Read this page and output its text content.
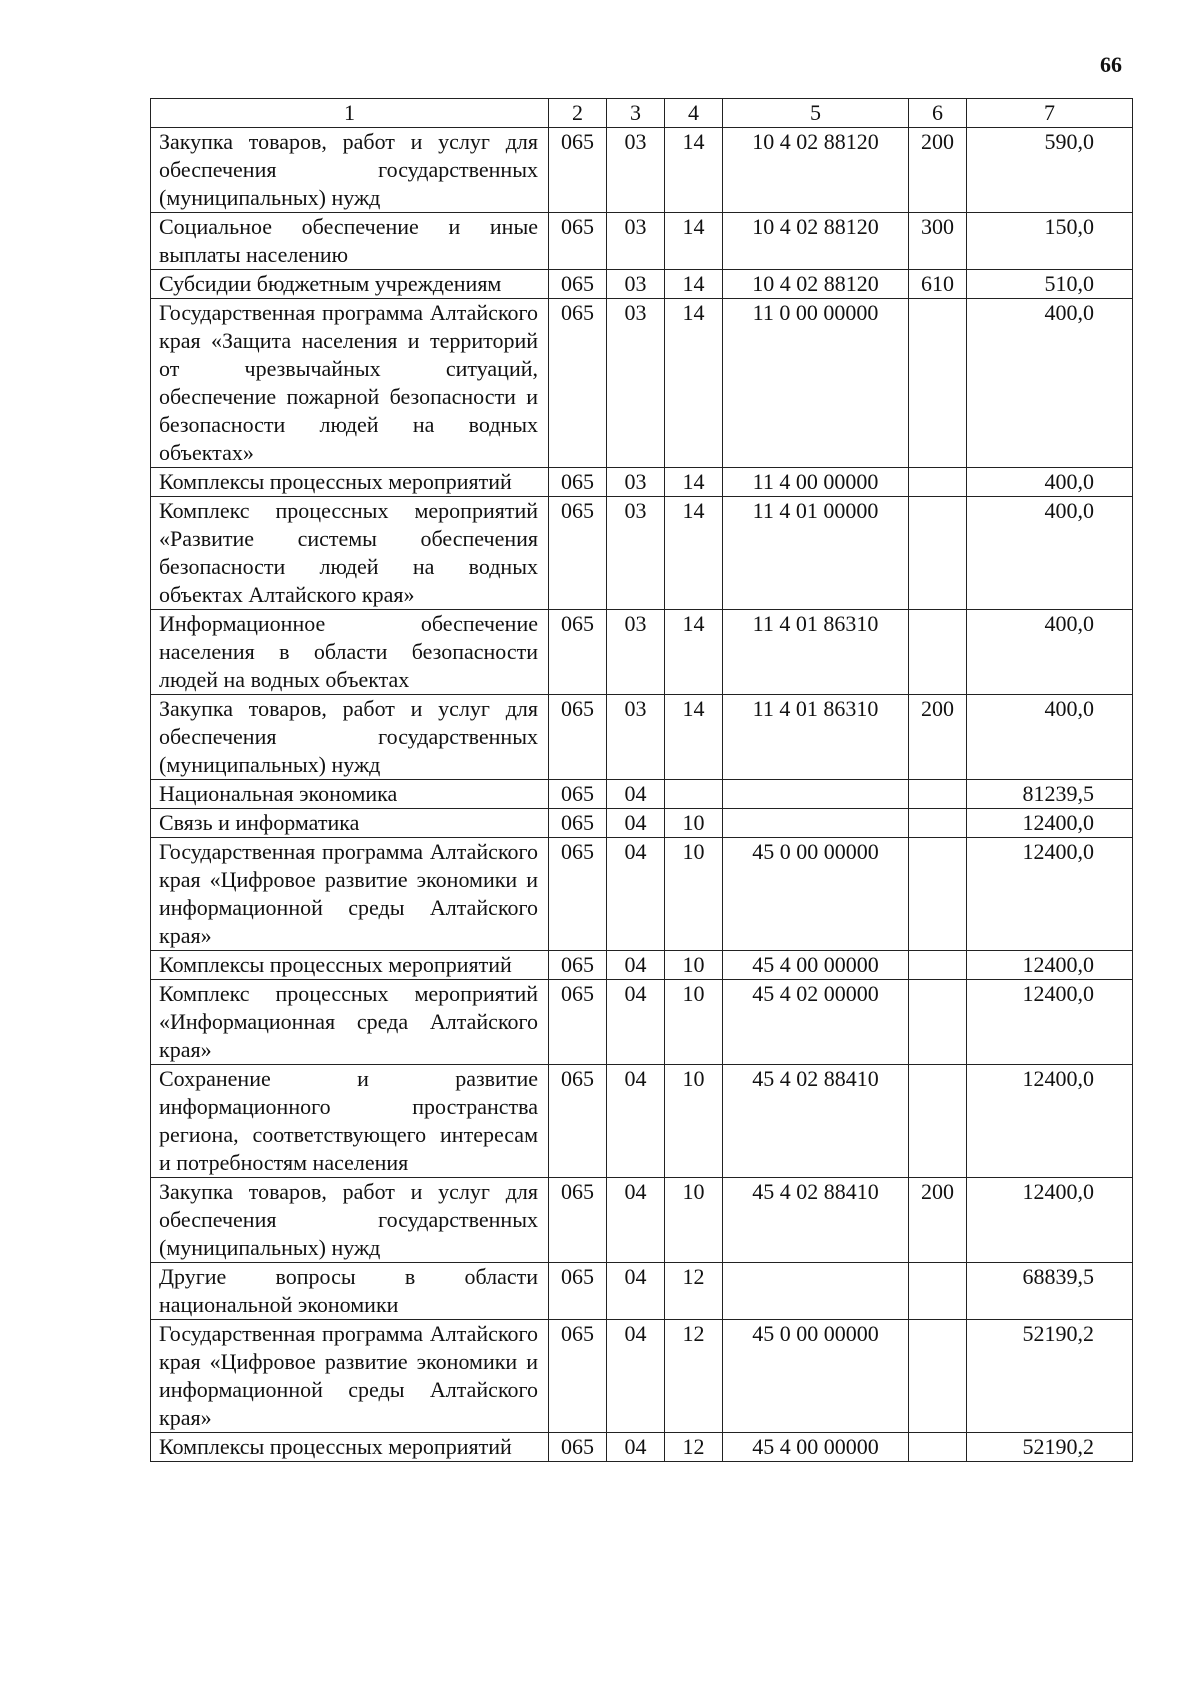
66
1	2	3	4	5	6	7
Закупка товаров, работ и услуг для обеспечения государственных (муниципальных) нужд	065	03	14	10 4 02 88120	200	590,0
Социальное обеспечение и иные выплаты населению	065	03	14	10 4 02 88120	300	150,0
Субсидии бюджетным учреждениям	065	03	14	10 4 02 88120	610	510,0
Государственная программа Алтайского края «Защита населения и территорий от чрезвычайных ситуаций, обеспечение пожарной безопасности и безопасности людей на водных объектах»	065	03	14	11 0 00 00000		400,0
Комплексы процессных мероприятий	065	03	14	11 4 00 00000		400,0
Комплекс процессных мероприятий «Развитие системы обеспечения безопасности людей на водных объектах Алтайского края»	065	03	14	11 4 01 00000		400,0
Информационное обеспечение населения в области безопасности людей на водных объектах	065	03	14	11 4 01 86310		400,0
Закупка товаров, работ и услуг для обеспечения государственных (муниципальных) нужд	065	03	14	11 4 01 86310	200	400,0
Национальная экономика	065	04				81239,5
Связь и информатика	065	04	10			12400,0
Государственная программа Алтайского края «Цифровое развитие экономики и информационной среды Алтайского края»	065	04	10	45 0 00 00000		12400,0
Комплексы процессных мероприятий	065	04	10	45 4 00 00000		12400,0
Комплекс процессных мероприятий «Информационная среда Алтайского края»	065	04	10	45 4 02 00000		12400,0
Сохранение и развитие информационного пространства региона, соответствующего интересам и потребностям населения	065	04	10	45 4 02 88410		12400,0
Закупка товаров, работ и услуг для обеспечения государственных (муниципальных) нужд	065	04	10	45 4 02 88410	200	12400,0
Другие вопросы в области национальной экономики	065	04	12			68839,5
Государственная программа Алтайского края «Цифровое развитие экономики и информационной среды Алтайского края»	065	04	12	45 0 00 00000		52190,2
Комплексы процессных мероприятий	065	04	12	45 4 00 00000		52190,2
